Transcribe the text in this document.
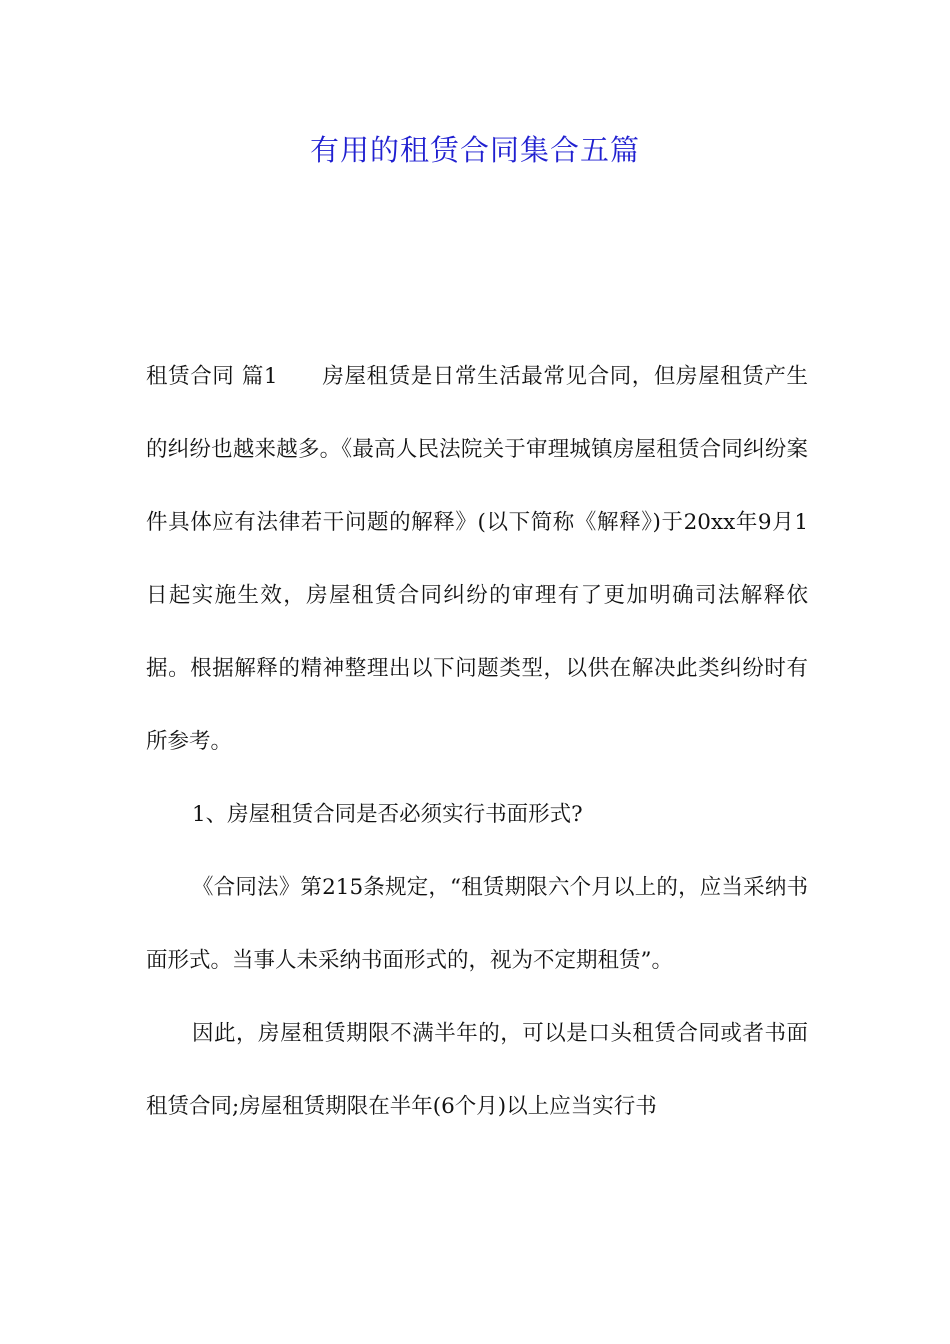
有用的租赁合同集合五篇

租赁合同 篇1　　房屋租赁是日常生活最常见合同，但房屋租赁产生的纠纷也越来越多。《最高人民法院关于审理城镇房屋租赁合同纠纷案件具体应有法律若干问题的解释》(以下简称《解释》)于20xx年9月1日起实施生效，房屋租赁合同纠纷的审理有了更加明确司法解释依据。根据解释的精神整理出以下问题类型，以供在解决此类纠纷时有所参考。

1、房屋租赁合同是否必须实行书面形式?

《合同法》第215条规定，“租赁期限六个月以上的，应当采纳书面形式。当事人未采纳书面形式的，视为不定期租赁”。

因此，房屋租赁期限不满半年的，可以是口头租赁合同或者书面租赁合同;房屋租赁期限在半年(6个月)以上应当实行书
